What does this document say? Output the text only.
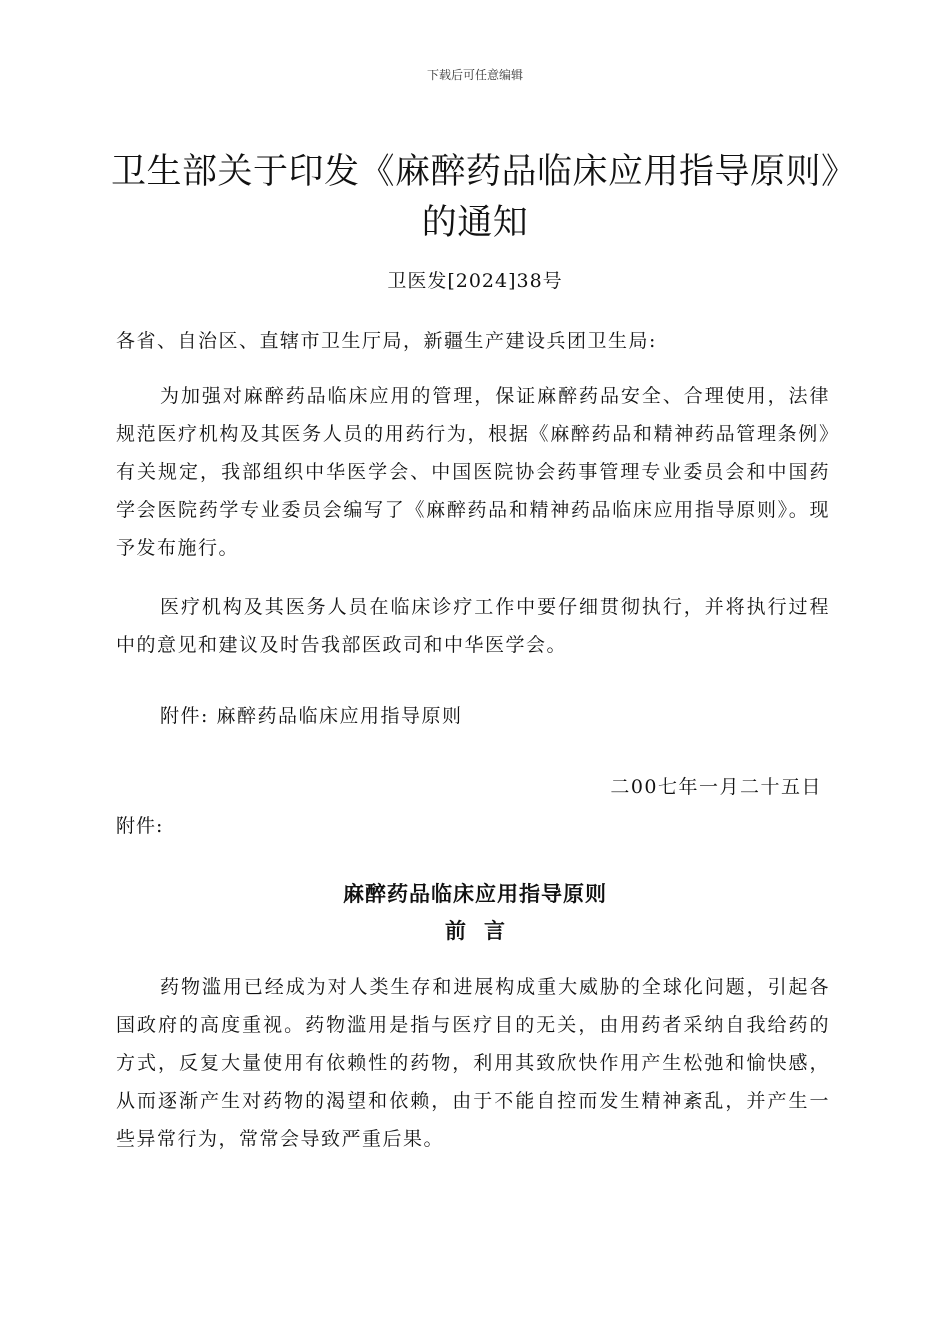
下载后可任意编辑
卫生部关于印发《麻醉药品临床应用指导原则》的通知
卫医发[2024]38号
各省、自治区、直辖市卫生厅局，新疆生产建设兵团卫生局:

为加强对麻醉药品临床应用的管理，保证麻醉药品安全、合理使用，法律规范医疗机构及其医务人员的用药行为，根据《麻醉药品和精神药品管理条例》有关规定，我部组织中华医学会、中国医院协会药事管理专业委员会和中国药学会医院药学专业委员会编写了《麻醉药品和精神药品临床应用指导原则》。现予发布施行。

医疗机构及其医务人员在临床诊疗工作中要仔细贯彻执行，并将执行过程中的意见和建议及时告我部医政司和中华医学会。

附件: 麻醉药品临床应用指导原则
二00七年一月二十五日
附件:
麻醉药品临床应用指导原则
前言

药物滥用已经成为对人类生存和进展构成重大威胁的全球化问题，引起各国政府的高度重视。药物滥用是指与医疗目的无关，由用药者采纳自我给药的方式，反复大量使用有依赖性的药物，利用其致欣快作用产生松弛和愉快感，从而逐渐产生对药物的渴望和依赖，由于不能自控而发生精神紊乱，并产生一些异常行为，常常会导致严重后果。
